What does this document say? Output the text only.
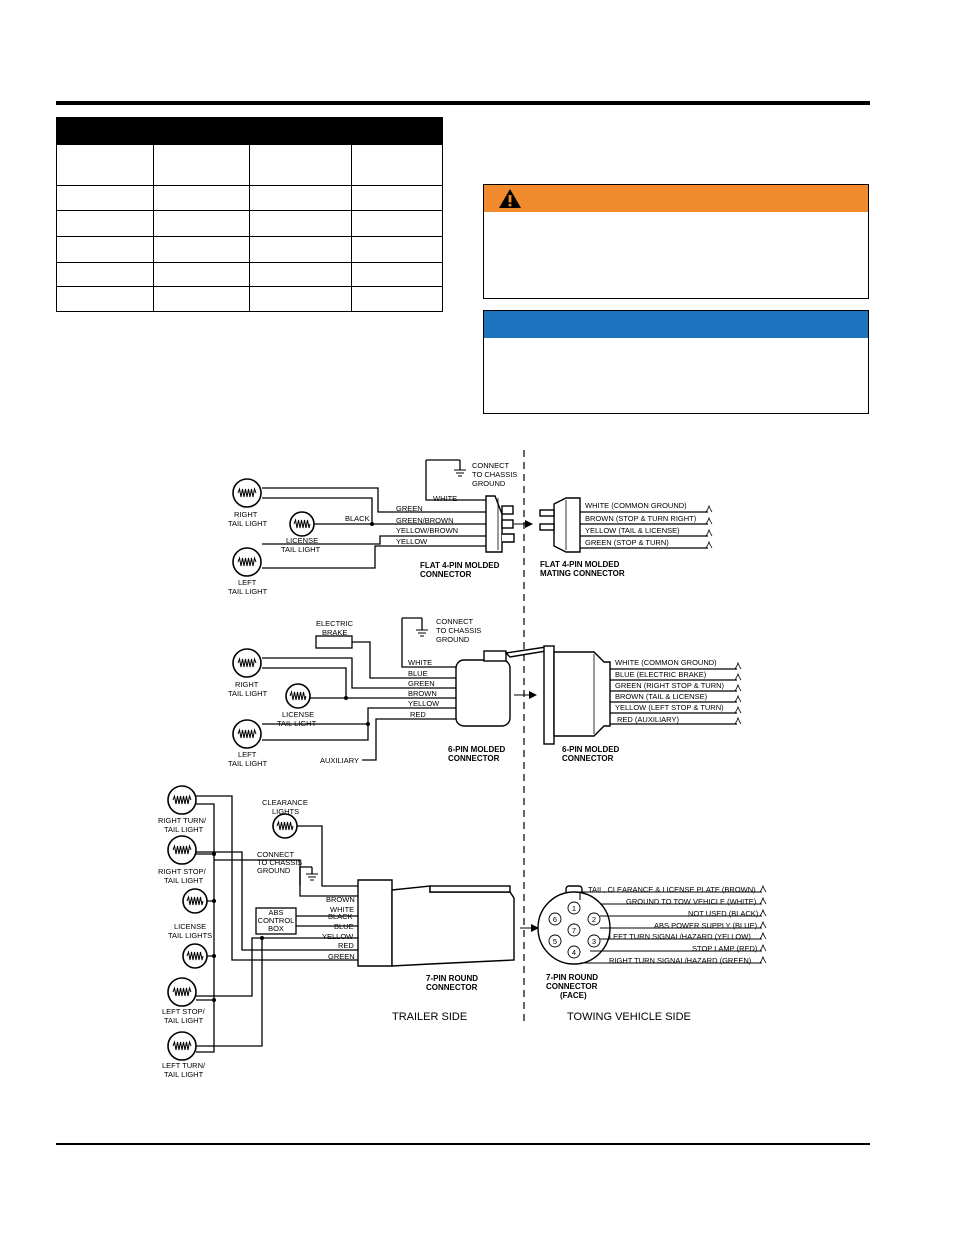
CONNECT TO CHASSIS GROUND
RIGHT TAIL LIGHT
LICENSE TAIL LIGHT
LEFT TAIL LIGHT
BLACK
WHITE
GREEN
GREEN/BROWN
YELLOW/BROWN
YELLOW
FLAT 4-PIN MOLDED CONNECTOR
FLAT 4-PIN MOLDED MATING CONNECTOR
WHITE (COMMON GROUND)
BROWN (STOP & TURN RIGHT)
YELLOW (TAIL & LICENSE)
GREEN (STOP & TURN)
ELECTRIC BRAKE
CONNECT TO CHASSIS GROUND
RIGHT TAIL LIGHT
LICENSE TAIL LIGHT
LEFT TAIL LIGHT	AUXILIARY
WHITE
BLUE
GREEN
BROWN
YELLOW
RED
6-PIN MOLDED CONNECTOR
6-PIN MOLDED CONNECTOR
WHITE (COMMON GROUND)
BLUE (ELECTRIC BRAKE)
GREEN (RIGHT STOP & TURN)
BROWN (TAIL & LICENSE)
YELLOW (LEFT STOP & TURN)
RED (AUXILIARY)
1
2
3
4
5
6
7
RIGHT TURN/ TAIL LIGHT
RIGHT STOP/ TAIL LIGHT
LICENSE TAIL LIGHTS
LEFT STOP/ TAIL LIGHT
LEFT TURN/ TAIL LIGHT
CLEARANCE LIGHTS
CONNECT TO CHASSIS GROUND
ABS CONTROL BOX
BROWN
WHITE
BLACK
BLUE
YELLOW
RED
GREEN
7-PIN ROUND CONNECTOR
7-PIN ROUND CONNECTOR (FACE)
TAIL, CLEARANCE & LICENSE PLATE (BROWN)
GROUND TO TOW VEHICLE (WHITE)
NOT USED (BLACK)
ABS POWER SUPPLY (BLUE)
LEFT TURN SIGNAL/HAZARD (YELLOW)
STOP LAMP (RED)
RIGHT TURN SIGNAL/HAZARD (GREEN)
TRAILER SIDE	TOWING VEHICLE SIDE
